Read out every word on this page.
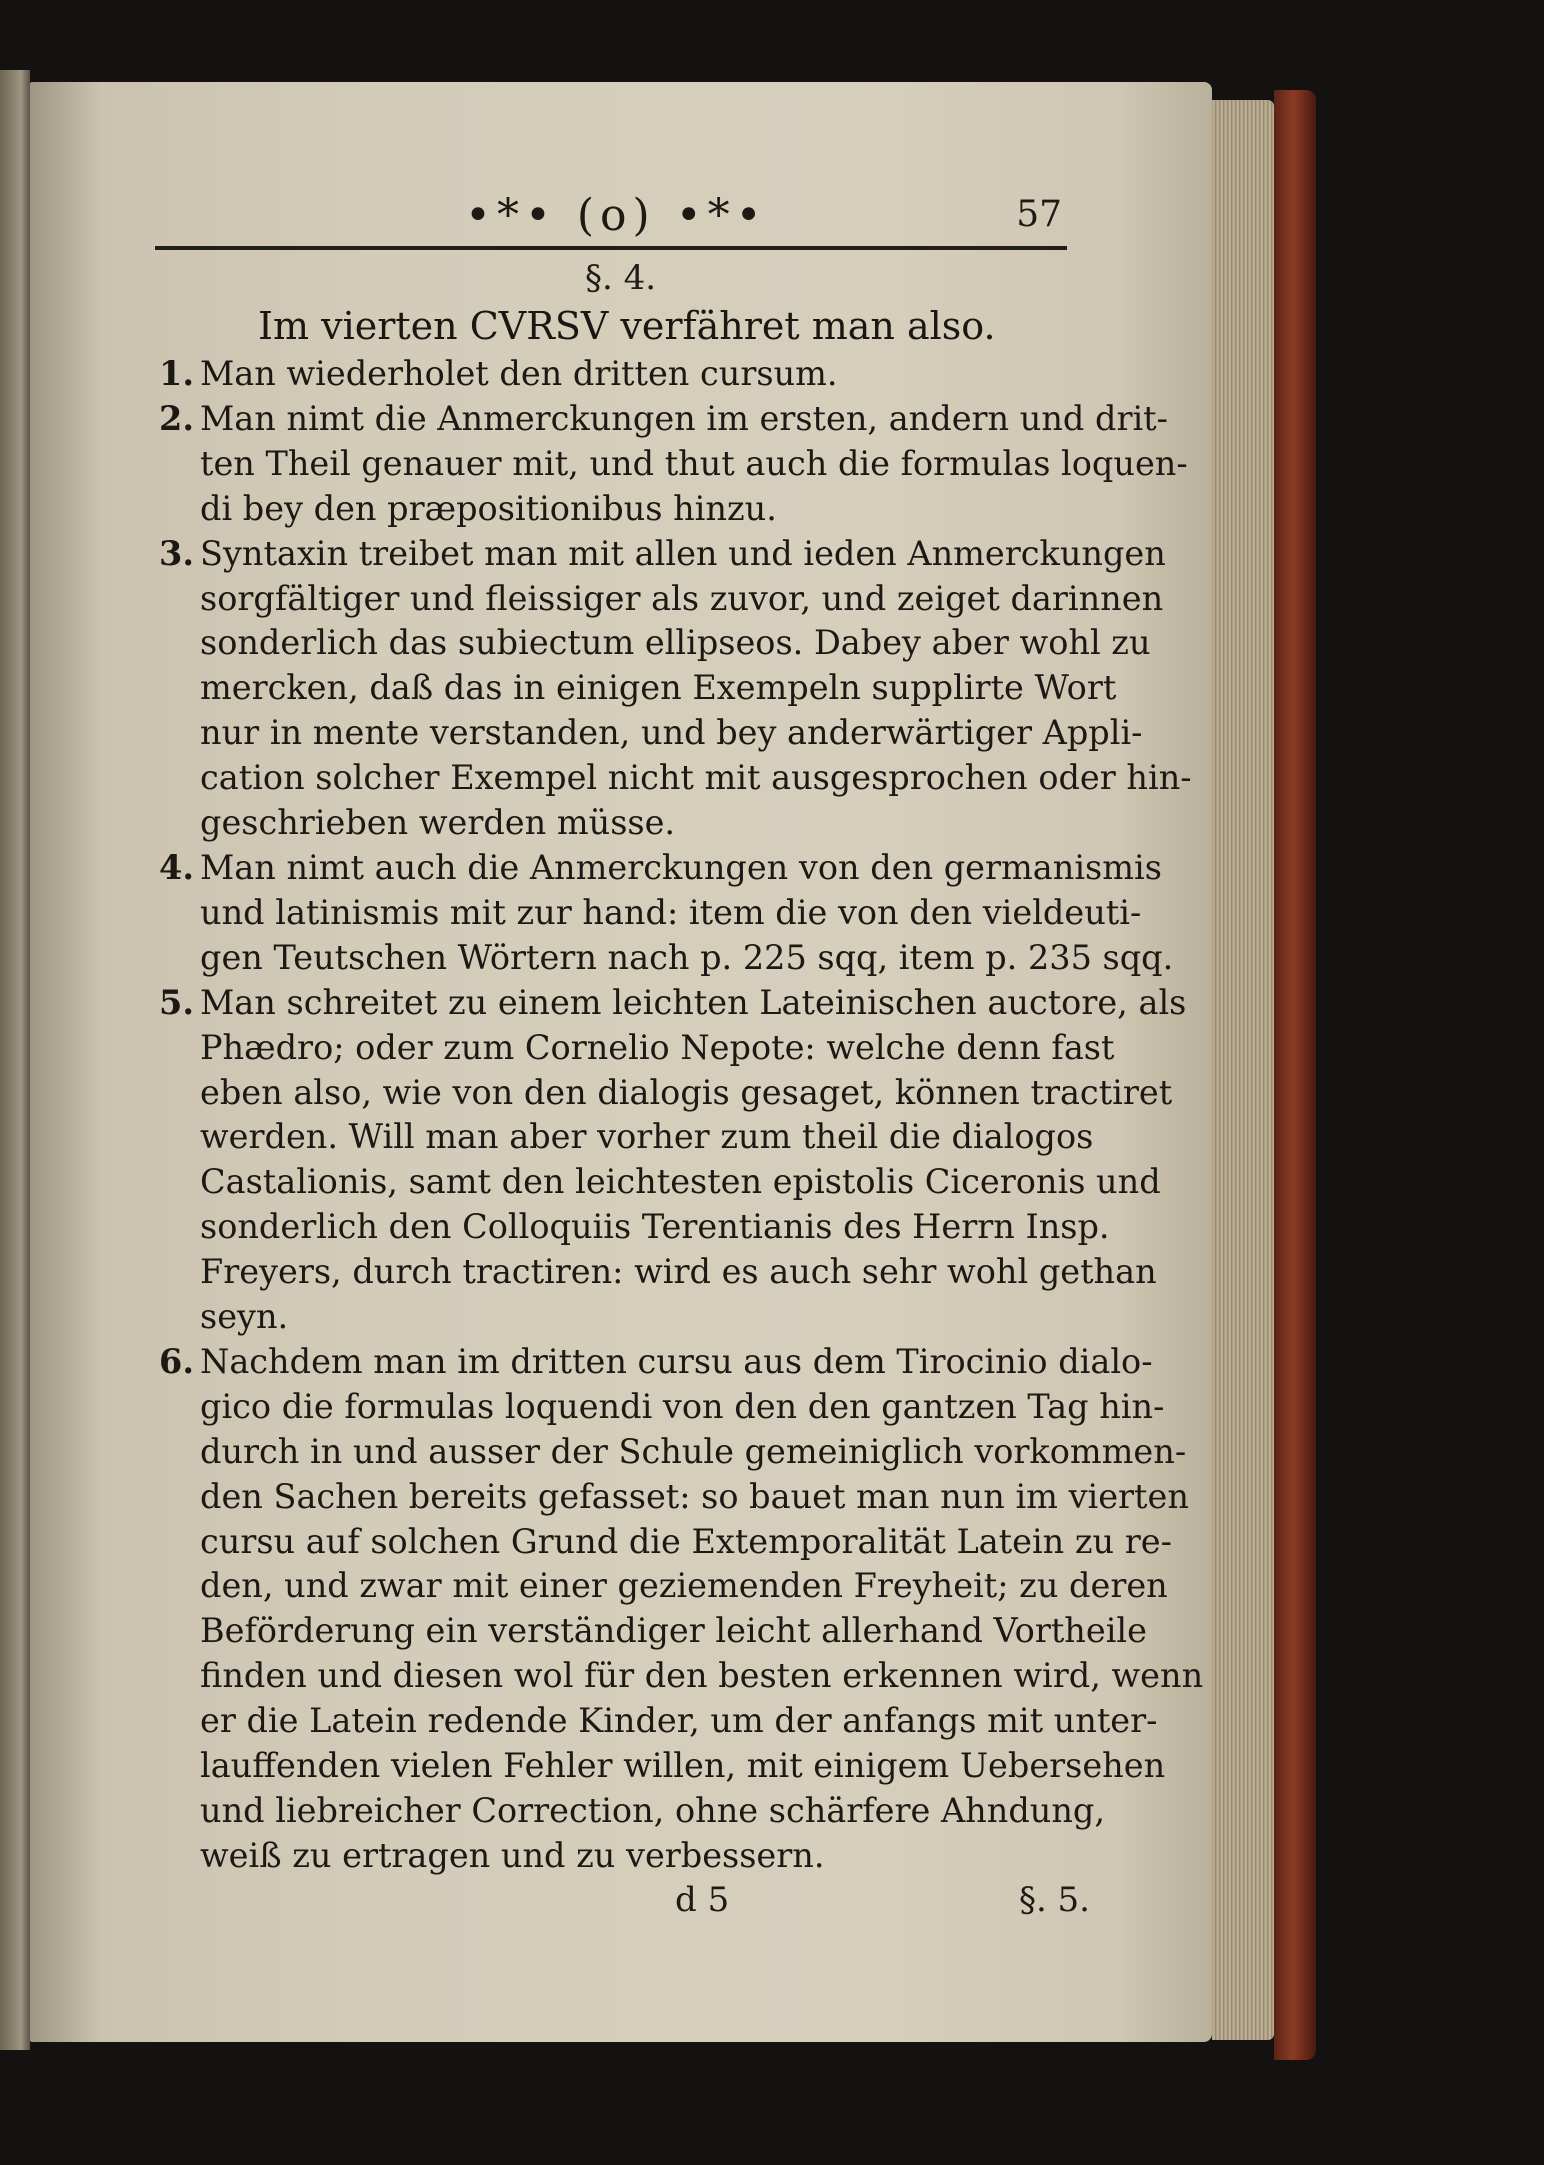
•*• (o) •*•	57
§. 4.
Im vierten CVRSV verfähret man also.
1. Man wiederholet den dritten cursum.
2. Man nimt die Anmerckungen im ersten, andern und drit-
ten Theil genauer mit, und thut auch die formulas loquen-
di bey den præpositionibus hinzu.
3. Syntaxin treibet man mit allen und ieden Anmerckungen
sorgfältiger und fleissiger als zuvor, und zeiget darinnen
sonderlich das subiectum ellipseos. Dabey aber wohl zu
mercken, daß das in einigen Exempeln supplirte Wort
nur in mente verstanden, und bey anderwärtiger Appli-
cation solcher Exempel nicht mit ausgesprochen oder hin-
geschrieben werden müsse.
4. Man nimt auch die Anmerckungen von den germanismis
und latinismis mit zur hand: item die von den vieldeuti-
gen Teutschen Wörtern nach p. 225 sqq, item p. 235 sqq.
5. Man schreitet zu einem leichten Lateinischen auctore, als
Phædro; oder zum Cornelio Nepote: welche denn fast
eben also, wie von den dialogis gesaget, können tractiret
werden. Will man aber vorher zum theil die dialogos
Castalionis, samt den leichtesten epistolis Ciceronis und
sonderlich den Colloquiis Terentianis des Herrn Insp.
Freyers, durch tractiren: wird es auch sehr wohl gethan
seyn.
6. Nachdem man im dritten cursu aus dem Tirocinio dialo-
gico die formulas loquendi von den den gantzen Tag hin-
durch in und ausser der Schule gemeiniglich vorkommen-
den Sachen bereits gefasset: so bauet man nun im vierten
cursu auf solchen Grund die Extemporalität Latein zu re-
den, und zwar mit einer geziemenden Freyheit; zu deren
Beförderung ein verständiger leicht allerhand Vortheile
finden und diesen wol für den besten erkennen wird, wenn
er die Latein redende Kinder, um der anfangs mit unter-
lauffenden vielen Fehler willen, mit einigem Uebersehen
und liebreicher Correction, ohne schärfere Ahndung,
weiß zu ertragen und zu verbessern.
d 5	§. 5.
